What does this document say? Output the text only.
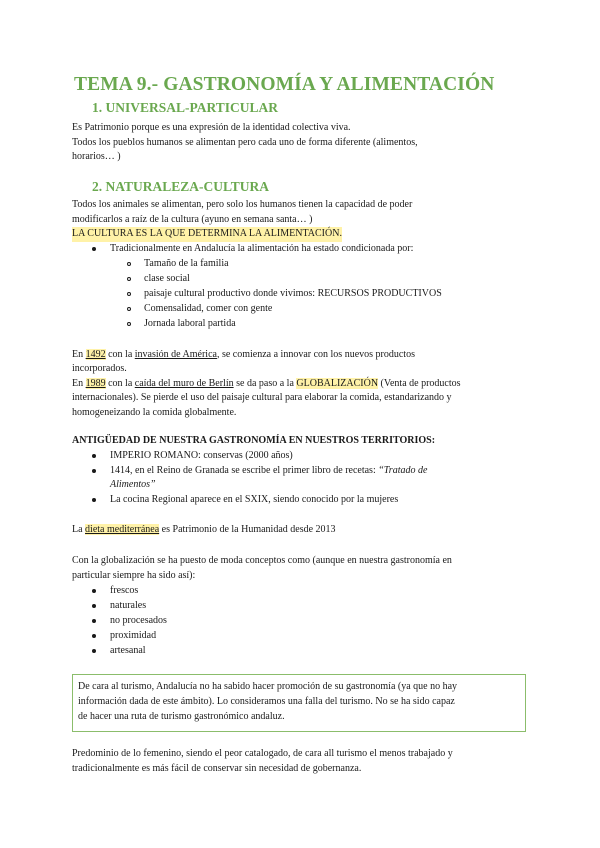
TEMA 9.- GASTRONOMÍA Y ALIMENTACIÓN
1. UNIVERSAL-PARTICULAR
Es Patrimonio porque es una expresión de la identidad colectiva viva.
Todos los pueblos humanos se alimentan pero cada uno de forma diferente (alimentos,
horarios… )
2. NATURALEZA-CULTURA
Todos los animales se alimentan, pero solo los humanos tienen la capacidad de poder
modificarlos a raíz de la cultura (ayuno en semana santa… )
LA CULTURA ES LA QUE DETERMINA LA ALIMENTACIÓN.
Tradicionalmente en Andalucía la alimentación ha estado condicionada por:
Tamaño de la familia
clase social
paisaje cultural productivo donde vivimos: RECURSOS PRODUCTIVOS
Comensalidad, comer con gente
Jornada laboral partida
En 1492 con la invasión de América, se comienza a innovar con los nuevos productos
incorporados.
En 1989 con la caída del muro de Berlín se da paso a la GLOBALIZACIÓN (Venta de productos
internacionales). Se pierde el uso del paisaje cultural para elaborar la comida, estandarizando y
homogeneizando la comida globalmente.
ANTIGÜEDAD DE NUESTRA GASTRONOMÍA EN NUESTROS TERRITORIOS:
IMPERIO ROMANO: conservas (2000 años)
1414, en el Reino de Granada se escribe el primer libro de recetas: “Tratado de
Alimentos”
La cocina Regional aparece en el SXIX, siendo conocido por la mujeres
La dieta mediterránea es Patrimonio de la Humanidad desde 2013
Con la globalización se ha puesto de moda conceptos como (aunque en nuestra gastronomía en
particular siempre ha sido así):
frescos
naturales
no procesados
proximidad
artesanal
De cara al turismo, Andalucía no ha sabido hacer promoción de su gastronomía (ya que no hay
información dada de este ámbito). Lo consideramos una falla del turismo. No se ha sido capaz
de hacer una ruta de turismo gastronómico andaluz.
Predominio de lo femenino, siendo el peor catalogado, de cara all turismo el menos trabajado y
tradicionalmente es más fácil de conservar sin necesidad de gobernanza.
